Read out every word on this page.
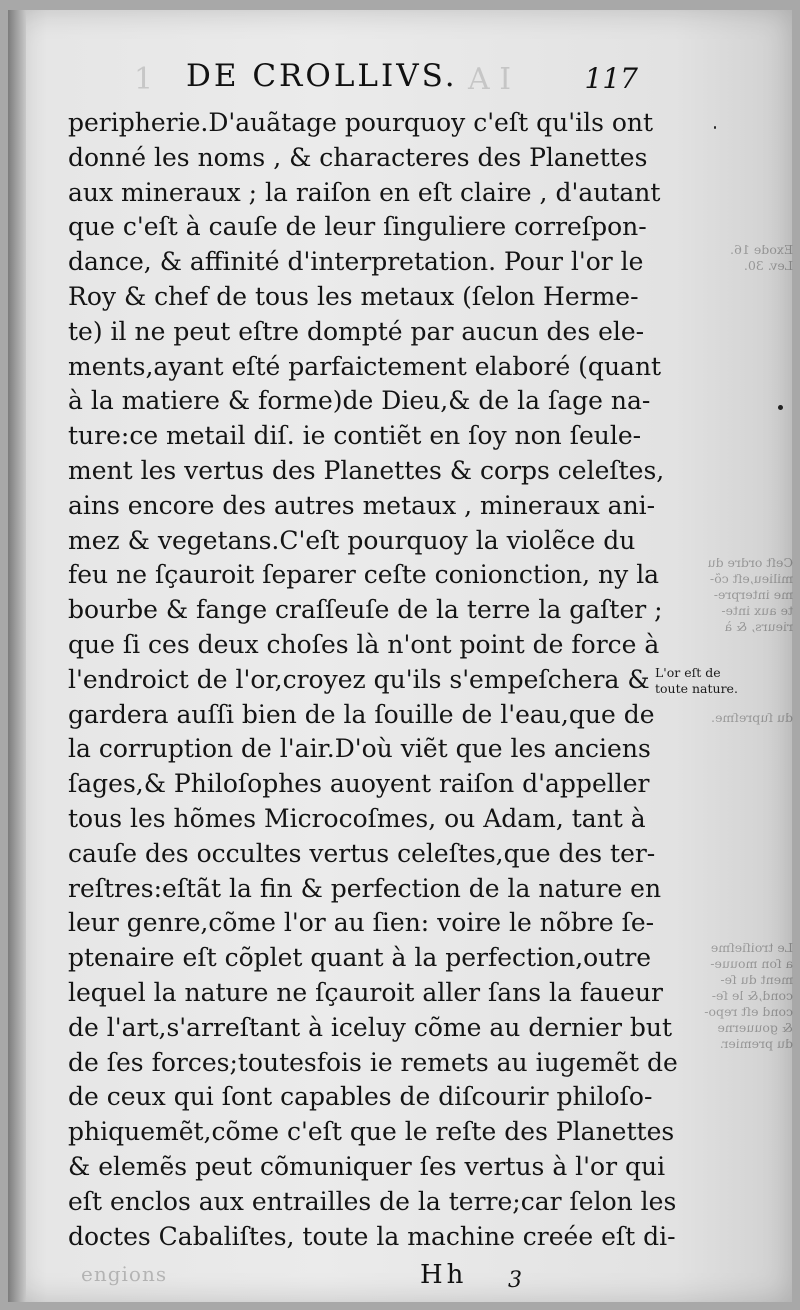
1 DE CROLLIVS. A I	117
peripherie.D'auãtage pourquoy c'eſt qu'ils ont
donné les noms , & characteres des Planettes
aux mineraux ; la raiſon en eſt claire , d'autant
que c'eſt à cauſe de leur ſinguliere correſpon-
dance, & affinité d'interpretation. Pour l'or le
Roy & chef de tous les metaux (ſelon Herme-
te) il ne peut eſtre dompté par aucun des ele-
ments,ayant eſté parfaictement elaboré (quant
à la matiere & forme)de Dieu,& de la ſage na-
ture:ce metail diſ. ie contiẽt en ſoy non ſeule-
ment les vertus des Planettes & corps celeſtes,
ains encore des autres metaux , mineraux ani-
mez & vegetans.C'eſt pourquoy la violẽce du
feu ne ſçauroit ſeparer ceſte conionction, ny la
bourbe & fange craſſeuſe de la terre la gaſter ;
que ſi ces deux choſes là n'ont point de force à
l'endroict de l'or,croyez qu'ils s'empeſchera &
gardera auſſi bien de la ſouille de l'eau,que de
la corruption de l'air.D'où viẽt que les anciens
ſages,& Philoſophes auoyent raiſon d'appeller
tous les hõmes Microcoſmes, ou Adam, tant à
cauſe des occultes vertus celeſtes,que des ter-
reſtres:eſtãt la fin & perfection de la nature en
leur genre,cõme l'or au ſien: voire le nõbre ſe-
ptenaire eſt cõplet quant à la perfection,outre
lequel la nature ne ſçauroit aller ſans la faueur
de l'art,s'arreſtant à iceluy cõme au dernier but
de ſes forces;toutesfois ie remets au iugemẽt de
de ceux qui ſont capables de diſcourir philoſo-
phiquemẽt,cõme c'eſt que le reſte des Planettes
& elemẽs peut cõmuniquer ſes vertus à l'or qui
eſt enclos aux entrailles de la terre;car ſelon les
doctes Cabaliſtes, toute la machine creée eſt di-
Exode 16.
Lev. 30.
Ceſt ordre du
milieu,eſt cõ-
me interpre-
te aux inte-
rieurs, & à
L'or eſt de
toute nature.
du ſupreſme.
Le troiſieſme
a ſon mouue-
ment du ſe-
cond,& le ſe-
cond eſt repo-
& gouuerne
du premier.
engions	Hh 3
